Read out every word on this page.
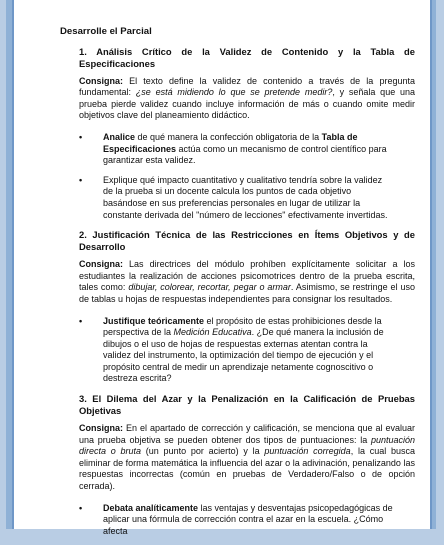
Desarrolle el Parcial
1. Análisis Crítico de la Validez de Contenido y la Tabla de Especificaciones

Consigna: El texto define la validez de contenido a través de la pregunta fundamental: ¿se está midiendo lo que se pretende medir?, y señala que una prueba pierde validez cuando incluye información de más o cuando omite medir objetivos clave del planeamiento didáctico.

• Analice de qué manera la confección obligatoria de la Tabla de Especificaciones actúa como un mecanismo de control científico para garantizar esta validez.
• Explique qué impacto cuantitativo y cualitativo tendría sobre la validez de la prueba si un docente calcula los puntos de cada objetivo basándose en sus preferencias personales en lugar de utilizar la constante derivada del "número de lecciones" efectivamente invertidas.
2. Justificación Técnica de las Restricciones en Ítems Objetivos y de Desarrollo

Consigna: Las directrices del módulo prohíben explícitamente solicitar a los estudiantes la realización de acciones psicomotrices dentro de la prueba escrita, tales como: dibujar, colorear, recortar, pegar o armar. Asimismo, se restringe el uso de tablas u hojas de respuestas independientes para consignar los resultados.

• Justifique teóricamente el propósito de estas prohibiciones desde la perspectiva de la Medición Educativa. ¿De qué manera la inclusión de dibujos o el uso de hojas de respuestas externas atentan contra la validez del instrumento, la optimización del tiempo de ejecución y el propósito central de medir un aprendizaje netamente cognoscitivo o destreza escrita?
3. El Dilema del Azar y la Penalización en la Calificación de Pruebas Objetivas

Consigna: En el apartado de corrección y calificación, se menciona que al evaluar una prueba objetiva se pueden obtener dos tipos de puntuaciones: la puntuación directa o bruta (un punto por acierto) y la puntuación corregida, la cual busca eliminar de forma matemática la influencia del azar o la adivinación, penalizando las respuestas incorrectas (común en pruebas de Verdadero/Falso o de opción cerrada).

• Debata analíticamente las ventajas y desventajas psicopedagógicas de aplicar una fórmula de corrección contra el azar en la escuela. ¿Cómo afecta
